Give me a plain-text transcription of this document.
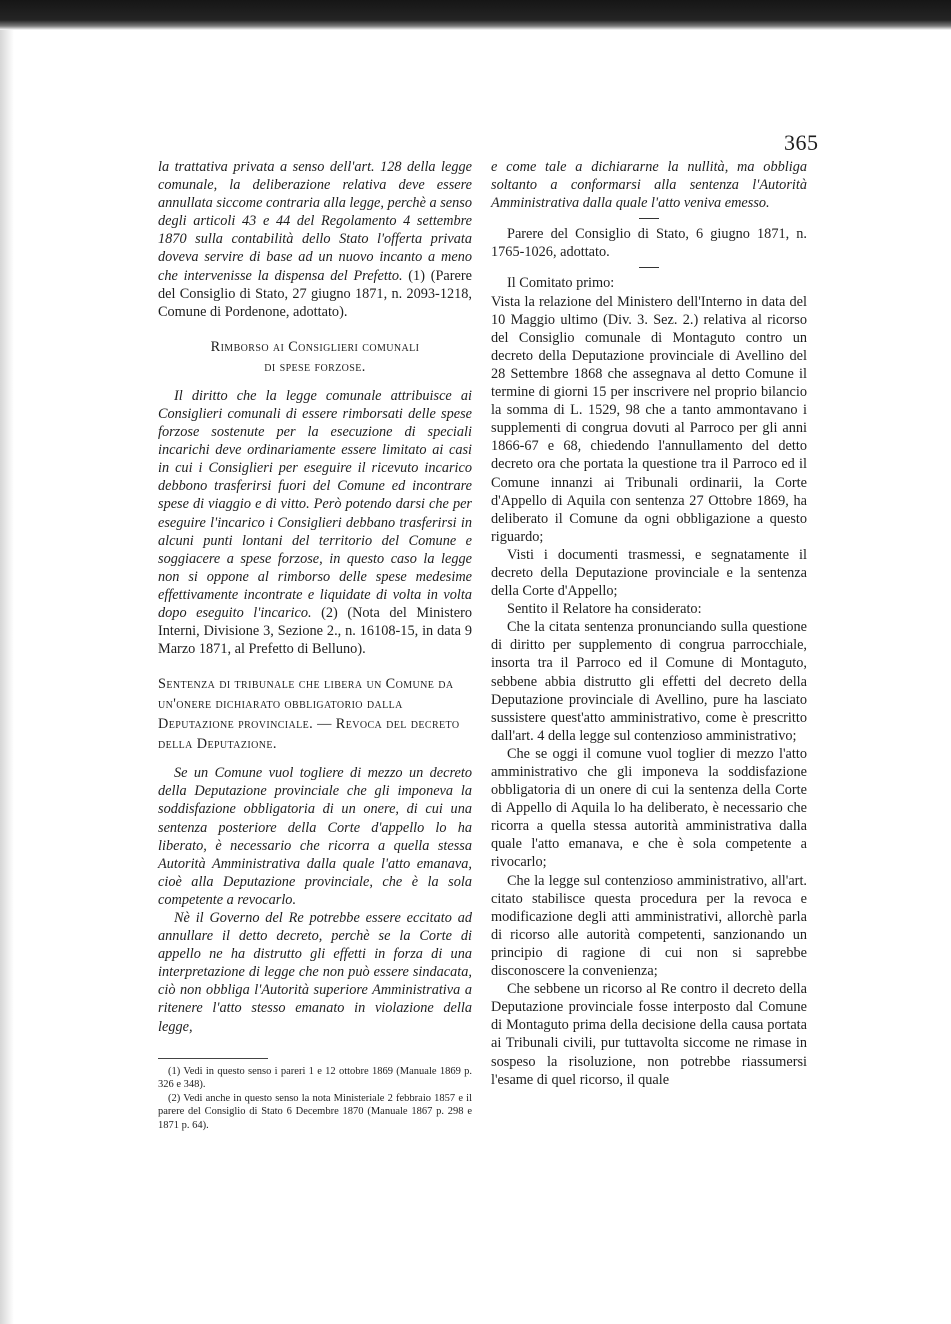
365

la trattativa privata a senso dell'art. 128 della legge comunale, la deliberazione relativa deve essere annullata siccome contraria alla legge, perchè a senso degli articoli 43 e 44 del Regolamento 4 settembre 1870 sulla contabilità dello Stato l'offerta privata doveva servire di base ad un nuovo incanto a meno che intervenisse la dispensa del Prefetto. (1) (Parere del Consiglio di Stato, 27 giugno 1871, n. 2093-1218, Comune di Pordenone, adottato).

Rimborso ai Consiglieri comunali
di spese forzose.

Il diritto che la legge comunale attribuisce ai Consiglieri comunali di essere rimborsati delle spese forzose sostenute per la esecuzione di speciali incarichi deve ordinariamente essere limitato ai casi in cui i Consiglieri per eseguire il ricevuto incarico debbono trasferirsi fuori del Comune ed incontrare spese di viaggio e di vitto. Però potendo darsi che per eseguire l'incarico i Consiglieri debbano trasferirsi in alcuni punti lontani del territorio del Comune e soggiacere a spese forzose, in questo caso la legge non si oppone al rimborso delle spese medesime effettivamente incontrate e liquidate di volta in volta dopo eseguito l'incarico. (2) (Nota del Ministero Interni, Divisione 3, Sezione 2., n. 16108-15, in data 9 Marzo 1871, al Prefetto di Belluno).

Sentenza di tribunale che libera un Comune da un'onere dichiarato obbligatorio dalla Deputazione provinciale. — Revoca del decreto della Deputazione.

Se un Comune vuol togliere di mezzo un decreto della Deputazione provinciale che gli imponeva la soddisfazione obbligatoria di un onere, di cui una sentenza posteriore della Corte d'appello lo ha liberato, è necessario che ricorra a quella stessa Autorità Amministrativa dalla quale l'atto emanava, cioè alla Deputazione provinciale, che è la sola competente a revocarlo.

Nè il Governo del Re potrebbe essere eccitato ad annullare il detto decreto, perchè se la Corte di appello ne ha distrutto gli effetti in forza di una interpretazione di legge che non può essere sindacata, ciò non obbliga l'Autorità superiore Amministrativa a ritenere l'atto stesso emanato in violazione della legge,

(1) Vedi in questo senso i pareri 1 e 12 ottobre 1869 (Manuale 1869 p. 326 e 348).

(2) Vedi anche in questo senso la nota Ministeriale 2 febbraio 1857 e il parere del Consiglio di Stato 6 Decembre 1870 (Manuale 1867 p. 298 e 1871 p. 64).

e come tale a dichiararne la nullità, ma obbliga soltanto a conformarsi alla sentenza l'Autorità Amministrativa dalla quale l'atto veniva emesso.

Parere del Consiglio di Stato, 6 giugno 1871, n. 1765-1026, adottato.

Il Comitato primo:

Vista la relazione del Ministero dell'Interno in data del 10 Maggio ultimo (Div. 3. Sez. 2.) relativa al ricorso del Consiglio comunale di Montaguto contro un decreto della Deputazione provinciale di Avellino del 28 Settembre 1868 che assegnava al detto Comune il termine di giorni 15 per inscrivere nel proprio bilancio la somma di L. 1529, 98 che a tanto ammontavano i supplementi di congrua dovuti al Parroco per gli anni 1866-67 e 68, chiedendo l'annullamento del detto decreto ora che portata la questione tra il Parroco ed il Comune innanzi ai Tribunali ordinarii, la Corte d'Appello di Aquila con sentenza 27 Ottobre 1869, ha deliberato il Comune da ogni obbligazione a questo riguardo;

Visti i documenti trasmessi, e segnatamente il decreto della Deputazione provinciale e la sentenza della Corte d'Appello;

Sentito il Relatore ha considerato:

Che la citata sentenza pronunciando sulla questione di diritto per supplemento di congrua parrocchiale, insorta tra il Parroco ed il Comune di Montaguto, sebbene abbia distrutto gli effetti del decreto della Deputazione provinciale di Avellino, pure ha lasciato sussistere quest'atto amministrativo, come è prescritto dall'art. 4 della legge sul contenzioso amministrativo;

Che se oggi il comune vuol toglier di mezzo l'atto amministrativo che gli imponeva la soddisfazione obbligatoria di un onere di cui la sentenza della Corte di Appello di Aquila lo ha deliberato, è necessario che ricorra a quella stessa autorità amministrativa dalla quale l'atto emanava, e che è sola competente a rivocarlo;

Che la legge sul contenzioso amministrativo, all'art. citato stabilisce questa procedura per la revoca e modificazione degli atti amministrativi, allorchè parla di ricorso alle autorità competenti, sanzionando un principio di ragione di cui non si saprebbe disconoscere la convenienza;

Che sebbene un ricorso al Re contro il decreto della Deputazione provinciale fosse interposto dal Comune di Montaguto prima della decisione della causa portata ai Tribunali civili, pur tuttavolta siccome ne rimase in sospeso la risoluzione, non potrebbe riassumersi l'esame di quel ricorso, il quale
